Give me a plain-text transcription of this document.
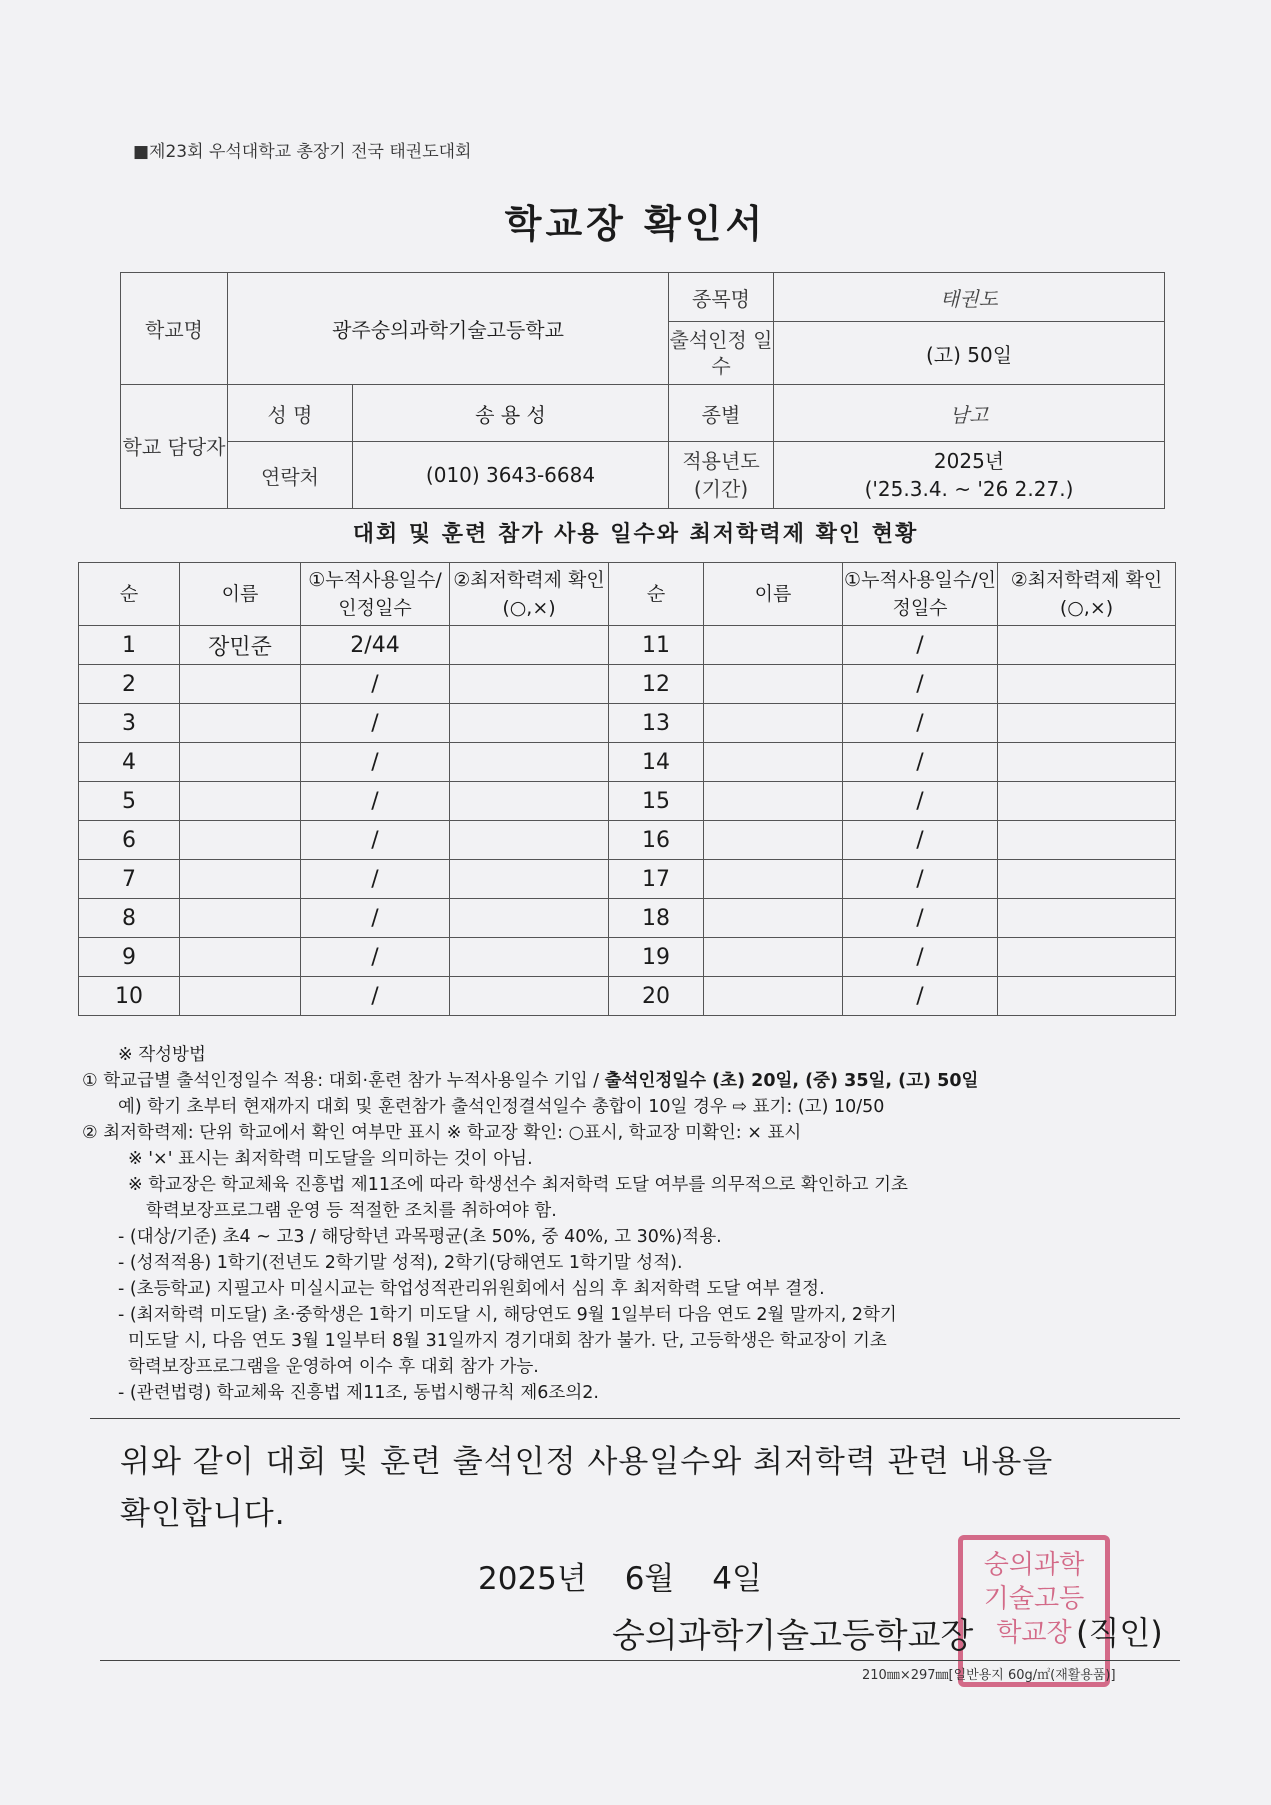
■제23회 우석대학교 총장기 전국 태권도대회
학교장 확인서
학교명	광주숭의과학기술고등학교		종목명	태권도
			출석인정 일수	(고) 50일
학교 담당자	성 명	송 용 성	종별	남고
	연락처	(010) 3643-6684	적용년도 (기간)	2025년
('25.3.4. ~ '26 2.27.)
대회 및 훈련 참가 사용 일수와 최저학력제 확인 현황
순	이름	①누적사용일수/인정일수	②최저학력제 확인(○,×)	순	이름	①누적사용일수/인정일수	②최저학력제 확인(○,×)
1	장민준	2/44		11		/	
2		/		12		/	
3		/		13		/	
4		/		14		/	
5		/		15		/	
6		/		16		/	
7		/		17		/	
8		/		18		/	
9		/		19		/	
10		/		20		/	
※ 작성방법
① 학교급별 출석인정일수 적용: 대회·훈련 참가 누적사용일수 기입 / 출석인정일수 (초) 20일, (중) 35일, (고) 50일
예) 학기 초부터 현재까지 대회 및 훈련참가 출석인정결석일수 총합이 10일 경우 ⇨ 표기: (고) 10/50
② 최저학력제: 단위 학교에서 확인 여부만 표시 ※ 학교장 확인: ○표시, 학교장 미확인: × 표시
※ '×' 표시는 최저학력 미도달을 의미하는 것이 아님.
※ 학교장은 학교체육 진흥법 제11조에 따라 학생선수 최저학력 도달 여부를 의무적으로 확인하고 기초
학력보장프로그램 운영 등 적절한 조치를 취하여야 함.
- (대상/기준) 초4 ~ 고3 / 해당학년 과목평균(초 50%, 중 40%, 고 30%)적용.
- (성적적용) 1학기(전년도 2학기말 성적), 2학기(당해연도 1학기말 성적).
- (초등학교) 지필고사 미실시교는 학업성적관리위원회에서 심의 후 최저학력 도달 여부 결정.
- (최저학력 미도달) 초·중학생은 1학기 미도달 시, 해당연도 9월 1일부터 다음 연도 2월 말까지, 2학기
미도달 시, 다음 연도 3월 1일부터 8월 31일까지 경기대회 참가 불가. 단, 고등학생은 학교장이 기초
학력보장프로그램을 운영하여 이수 후 대회 참가 가능.
- (관련법령) 학교체육 진흥법 제11조, 동법시행규칙 제6조의2.
위와 같이 대회 및 훈련 출석인정 사용일수와 최저학력 관련 내용을
확인합니다.
2025년 6월 4일	숭의과학기술고등학교장
숭의과학기술고등학교장	(직인)
210㎜×297㎜[일반용지 60g/㎡(재활용품)]
